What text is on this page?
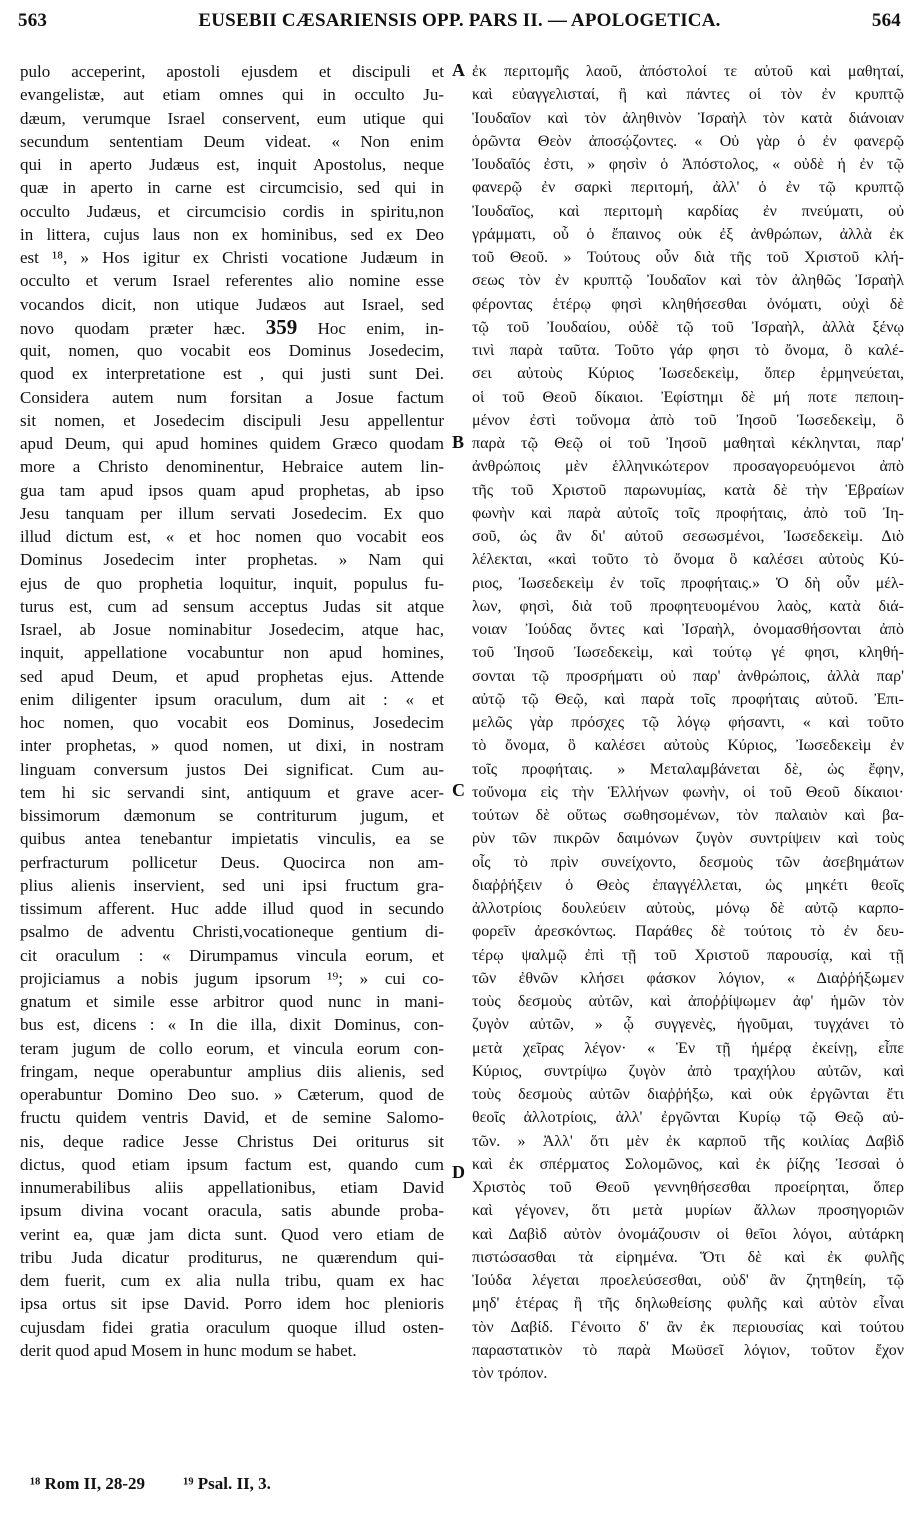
563	EUSEBII CÆSARIENSIS OPP. PARS II. — APOLOGETICA.	564
pulo acceperint, apostoli ejusdem et discipuli et
evangelistæ, aut etiam omnes qui in occulto Ju-
dæum, verumque Israel conservent, eum utique qui
secundum sententiam Deum videat. « Non enim
qui in aperto Judæus est, inquit Apostolus, neque
quæ in aperto in carne est circumcisio, sed qui in
occulto Judæus, et circumcisio cordis in spiritu,non
in littera, cujus laus non ex hominibus, sed ex Deo
est ¹⁸, » Hos igitur ex Christi vocatione Judæum in
occulto et verum Israel referentes alio nomine esse
vocandos dicit, non utique Judæos aut Israel, sed
novo quodam præter hæc. 359 Hoc enim, in-
quit, nomen, quo vocabit eos Dominus Josedecim,
quod ex interpretatione est , qui justi sunt Dei.
Considera autem num forsitan a Josue factum
sit nomen, et Josedecim discipuli Jesu appellentur
apud Deum, qui apud homines quidem Græco quodam
more a Christo denominentur, Hebraice autem lin-
gua tam apud ipsos quam apud prophetas, ab ipso
Jesu tanquam per illum servati Josedecim. Ex quo
illud dictum est, « et hoc nomen quo vocabit eos
Dominus Josedecim inter prophetas. » Nam qui
ejus de quo prophetia loquitur, inquit, populus fu-
turus est, cum ad sensum acceptus Judas sit atque
Israel, ab Josue nominabitur Josedecim, atque hac,
inquit, appellatione vocabuntur non apud homines,
sed apud Deum, et apud prophetas ejus. Attende
enim diligenter ipsum oraculum, dum ait : « et
hoc nomen, quo vocabit eos Dominus, Josedecim
inter prophetas, » quod nomen, ut dixi, in nostram
linguam conversum justos Dei significat. Cum au-
tem hi sic servandi sint, antiquum et grave acer-
bissimorum dæmonum se contriturum jugum, et
quibus antea tenebantur impietatis vinculis, ea se
perfracturum pollicetur Deus. Quocirca non am-
plius alienis inservient, sed uni ipsi fructum gra-
tissimum afferent. Huc adde illud quod in secundo
psalmo de adventu Christi,vocationeque gentium di-
cit oraculum : « Dirumpamus vincula eorum, et
projiciamus a nobis jugum ipsorum ¹⁹; » cui co-
gnatum et simile esse arbitror quod nunc in mani-
bus est, dicens : « In die illa, dixit Dominus, con-
teram jugum de collo eorum, et vincula eorum con-
fringam, neque operabuntur amplius diis alienis, sed
operabuntur Domino Deo suo. » Cæterum, quod de
fructu quidem ventris David, et de semine Salomo-
nis, deque radice Jesse Christus Dei oriturus sit
dictus, quod etiam ipsum factum est, quando cum
innumerabilibus aliis appellationibus, etiam David
ipsum divina vocant oracula, satis abunde proba-
verint ea, quæ jam dicta sunt. Quod vero etiam de
tribu Juda dicatur proditurus, ne quærendum qui-
dem fuerit, cum ex alia nulla tribu, quam ex hac
ipsa ortus sit ipse David. Porro idem hoc plenioris
cujusdam fidei gratia oraculum quoque illud osten-
derit quod apud Mosem in hunc modum se habet.
ἐκ περιτομῆς λαοῦ, ἀπόστολοί τε αὐτοῦ καὶ μαθηταί,
καὶ εὐαγγελισταί, ἢ καὶ πάντες οἱ τὸν ἐν κρυπτῷ
Ἰουδαῖον καὶ τὸν ἀληθινὸν Ἰσραὴλ τὸν κατὰ διάνοιαν
ὁρῶντα Θεὸν ἀποσῴζοντες. « Οὐ γὰρ ὁ ἐν φανερῷ
Ἰουδαῖός ἐστι, » φησὶν ὁ Ἀπόστολος, « οὐδὲ ἡ ἐν τῷ
φανερῷ ἐν σαρκὶ περιτομή, ἀλλ' ὁ ἐν τῷ κρυπτῷ
Ἰουδαῖος, καὶ περιτομὴ καρδίας ἐν πνεύματι, οὐ
γράμματι, οὗ ὁ ἔπαινος οὐκ ἐξ ἀνθρώπων, ἀλλὰ ἐκ
τοῦ Θεοῦ. » Τούτους οὖν διὰ τῆς τοῦ Χριστοῦ κλή-
σεως τὸν ἐν κρυπτῷ Ἰουδαῖον καὶ τὸν ἀληθῶς Ἰσραὴλ
φέροντας ἑτέρῳ φησὶ κληθήσεσθαι ὀνόματι, οὐχὶ δὲ
τῷ τοῦ Ἰουδαίου, οὐδὲ τῷ τοῦ Ἰσραὴλ, ἀλλὰ ξένῳ
τινὶ παρὰ ταῦτα. Τοῦτο γάρ φησι τὸ ὄνομα, ὃ καλέ-
σει αὐτοὺς Κύριος Ἰωσεδεκεὶμ, ὅπερ ἑρμηνεύεται,
οἱ τοῦ Θεοῦ δίκαιοι. Ἐφίστημι δὲ μή ποτε πεποιη-
μένον ἐστὶ τοὔνομα ἀπὸ τοῦ Ἰησοῦ Ἰωσεδεκεὶμ, ὃ
παρὰ τῷ Θεῷ οἱ τοῦ Ἰησοῦ μαθηταὶ κέκληνται, παρ'
ἀνθρώποις μὲν ἑλληνικώτερον προσαγορευόμενοι ἀπὸ
τῆς τοῦ Χριστοῦ παρωνυμίας, κατὰ δὲ τὴν Ἑβραίων
φωνὴν καὶ παρὰ αὐτοῖς τοῖς προφήταις, ἀπὸ τοῦ Ἰη-
σοῦ, ὡς ἂν δι' αὐτοῦ σεσωσμένοι, Ἰωσεδεκεὶμ. Διὸ
λέλεκται, «καὶ τοῦτο τὸ ὄνομα ὃ καλέσει αὐτοὺς Κύ-
ριος, Ἰωσεδεκεὶμ ἐν τοῖς προφήταις.» Ὁ δὴ οὖν μέλ-
λων, φησὶ, διὰ τοῦ προφητευομένου λαὸς, κατὰ διά-
νοιαν Ἰούδας ὄντες καὶ Ἰσραὴλ, ὀνομασθήσονται ἀπὸ
τοῦ Ἰησοῦ Ἰωσεδεκεὶμ, καὶ τούτῳ γέ φησι, κληθή-
σονται τῷ προσρήματι οὐ παρ' ἀνθρώποις, ἀλλὰ παρ'
αὐτῷ τῷ Θεῷ, καὶ παρὰ τοῖς προφήταις αὐτοῦ. Ἐπι-
μελῶς γὰρ πρόσχες τῷ λόγῳ φήσαντι, « καὶ τοῦτο
τὸ ὄνομα, ὃ καλέσει αὐτοὺς Κύριος, Ἰωσεδεκεὶμ ἐν
τοῖς προφήταις. » Μεταλαμβάνεται δὲ, ὡς ἔφην,
τοὔνομα εἰς τὴν Ἑλλήνων φωνὴν, οἱ τοῦ Θεοῦ δίκαιοι·
τούτων δὲ οὕτως σωθησομένων, τὸν παλαιὸν καὶ βα-
ρὺν τῶν πικρῶν δαιμόνων ζυγὸν συντρίψειν καὶ τοὺς
οἷς τὸ πρὶν συνείχοντο, δεσμοὺς τῶν ἀσεβημάτων
διαῤῥήξειν ὁ Θεὸς ἐπαγγέλλεται, ὡς μηκέτι θεοῖς
ἀλλοτρίοις δουλεύειν αὐτοὺς, μόνῳ δὲ αὐτῷ καρπο-
φορεῖν ἀρεσκόντως. Παράθες δὲ τούτοις τὸ ἐν δευ-
τέρῳ ψαλμῷ ἐπὶ τῇ τοῦ Χριστοῦ παρουσίᾳ, καὶ τῇ
τῶν ἐθνῶν κλήσει φάσκον λόγιον, « Διαῤῥήξωμεν
τοὺς δεσμοὺς αὐτῶν, καὶ ἀποῤῥίψωμεν ἀφ' ἡμῶν τὸν
ζυγὸν αὐτῶν, » ᾧ συγγενὲς, ἡγοῦμαι, τυγχάνει τὸ
μετὰ χεῖρας λέγον· « Ἐν τῇ ἡμέρᾳ ἐκείνῃ, εἶπε
Κύριος, συντρίψω ζυγὸν ἀπὸ τραχήλου αὐτῶν, καὶ
τοὺς δεσμοὺς αὐτῶν διαῤῥήξω, καὶ οὐκ ἐργῶνται ἔτι
θεοῖς ἀλλοτρίοις, ἀλλ' ἐργῶνται Κυρίῳ τῷ Θεῷ αὐ-
τῶν. » Ἀλλ' ὅτι μὲν ἐκ καρποῦ τῆς κοιλίας Δαβὶδ
καὶ ἐκ σπέρματος Σολομῶνος, καὶ ἐκ ῥίζης Ἰεσσαὶ ὁ
Χριστὸς τοῦ Θεοῦ γεννηθήσεσθαι προείρηται, ὅπερ
καὶ γέγονεν, ὅτι μετὰ μυρίων ἄλλων προσηγοριῶν
καὶ Δαβὶδ αὐτὸν ὀνομάζουσιν οἱ θεῖοι λόγοι, αὐτάρκη
πιστώσασθαι τὰ εἰρημένα. Ὅτι δὲ καὶ ἐκ φυλῆς
Ἰούδα λέγεται προελεύσεσθαι, οὐδ' ἂν ζητηθείη, τῷ
μηδ' ἑτέρας ἢ τῆς δηλωθείσης φυλῆς καὶ αὐτὸν εἶναι
τὸν Δαβίδ. Γένοιτο δ' ἂν ἐκ περιουσίας καὶ τούτου
παραστατικὸν τὸ παρὰ Μωϋσεῖ λόγιον, τοῦτον ἔχον
τὸν τρόπον.
A
B
C
D
¹⁸ Rom II, 28-29 ¹⁹ Psal. II, 3.
